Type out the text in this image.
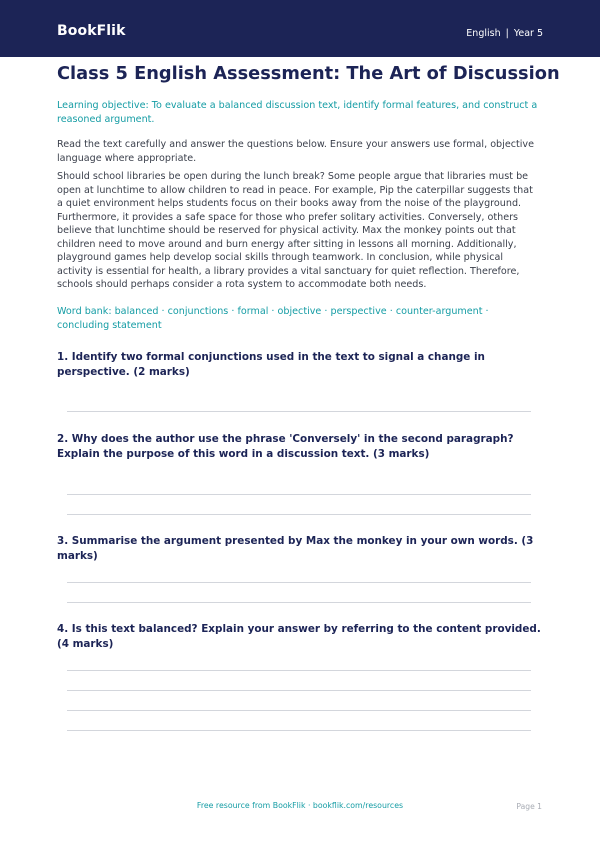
BookFlik	English | Year 5
Class 5 English Assessment: The Art of Discussion

Learning objective: To evaluate a balanced discussion text, identify formal features, and construct a reasoned argument.

Read the text carefully and answer the questions below. Ensure your answers use formal, objective language where appropriate.

Should school libraries be open during the lunch break? Some people argue that libraries must be open at lunchtime to allow children to read in peace. For example, Pip the caterpillar suggests that a quiet environment helps students focus on their books away from the noise of the playground. Furthermore, it provides a safe space for those who prefer solitary activities. Conversely, others believe that lunchtime should be reserved for physical activity. Max the monkey points out that children need to move around and burn energy after sitting in lessons all morning. Additionally, playground games help develop social skills through teamwork. In conclusion, while physical activity is essential for health, a library provides a vital sanctuary for quiet reflection. Therefore, schools should perhaps consider a rota system to accommodate both needs.

Word bank: balanced · conjunctions · formal · objective · perspective · counter-argument · concluding statement

1. Identify two formal conjunctions used in the text to signal a change in perspective. (2 marks)

2. Why does the author use the phrase 'Conversely' in the second paragraph? Explain the purpose of this word in a discussion text. (3 marks)

3. Summarise the argument presented by Max the monkey in your own words. (3 marks)

4. Is this text balanced? Explain your answer by referring to the content provided. (4 marks)

Free resource from BookFlik · bookflik.com/resources	Page 1
